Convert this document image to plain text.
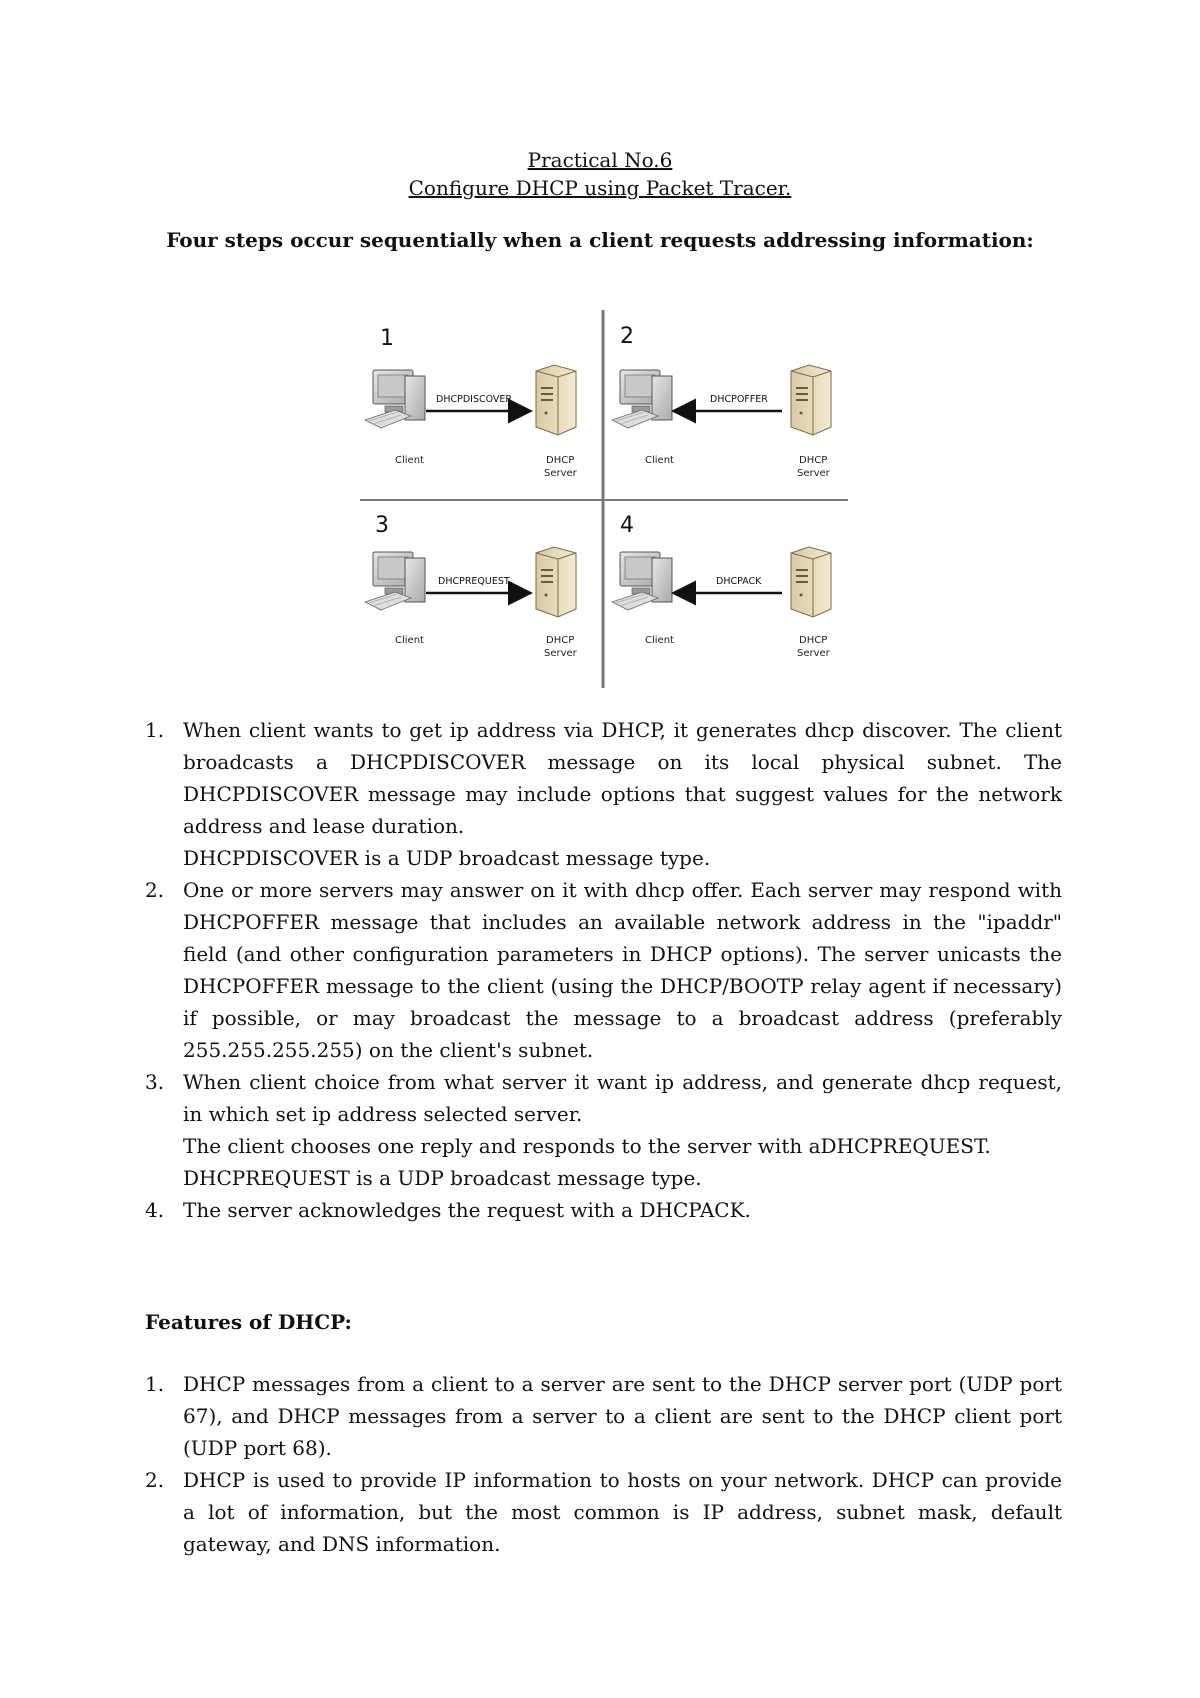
Practical No.6
Configure DHCP using Packet Tracer.
Four steps occur sequentially when a client requests addressing information:
1
DHCPDISCOVER
Client	DHCP
Server
2
DHCPOFFER
Client	DHCP
Server
3
DHCPREQUEST
Client	DHCP
Server
4
DHCPACK
Client	DHCP
Server
1. When client wants to get ip address via DHCP, it generates dhcp discover. The client broadcasts a DHCPDISCOVER message on its local physical subnet. The DHCPDISCOVER message may include options that suggest values for the network address and lease duration.
DHCPDISCOVER is a UDP broadcast message type.
2. One or more servers may answer on it with dhcp offer. Each server may respond with DHCPOFFER message that includes an available network address in the "ipaddr" field (and other configuration parameters in DHCP options). The server unicasts the DHCPOFFER message to the client (using the DHCP/BOOTP relay agent if necessary) if possible, or may broadcast the message to a broadcast address (preferably 255.255.255.255) on the client's subnet.
3. When client choice from what server it want ip address, and generate dhcp request, in which set ip address selected server.
The client chooses one reply and responds to the server with aDHCPREQUEST.
DHCPREQUEST is a UDP broadcast message type.
4. The server acknowledges the request with a DHCPACK.
Features of DHCP:
1. DHCP messages from a client to a server are sent to the DHCP server port (UDP port 67), and DHCP messages from a server to a client are sent to the DHCP client port (UDP port 68).
2. DHCP is used to provide IP information to hosts on your network. DHCP can provide a lot of information, but the most common is IP address, subnet mask, default gateway, and DNS information.
